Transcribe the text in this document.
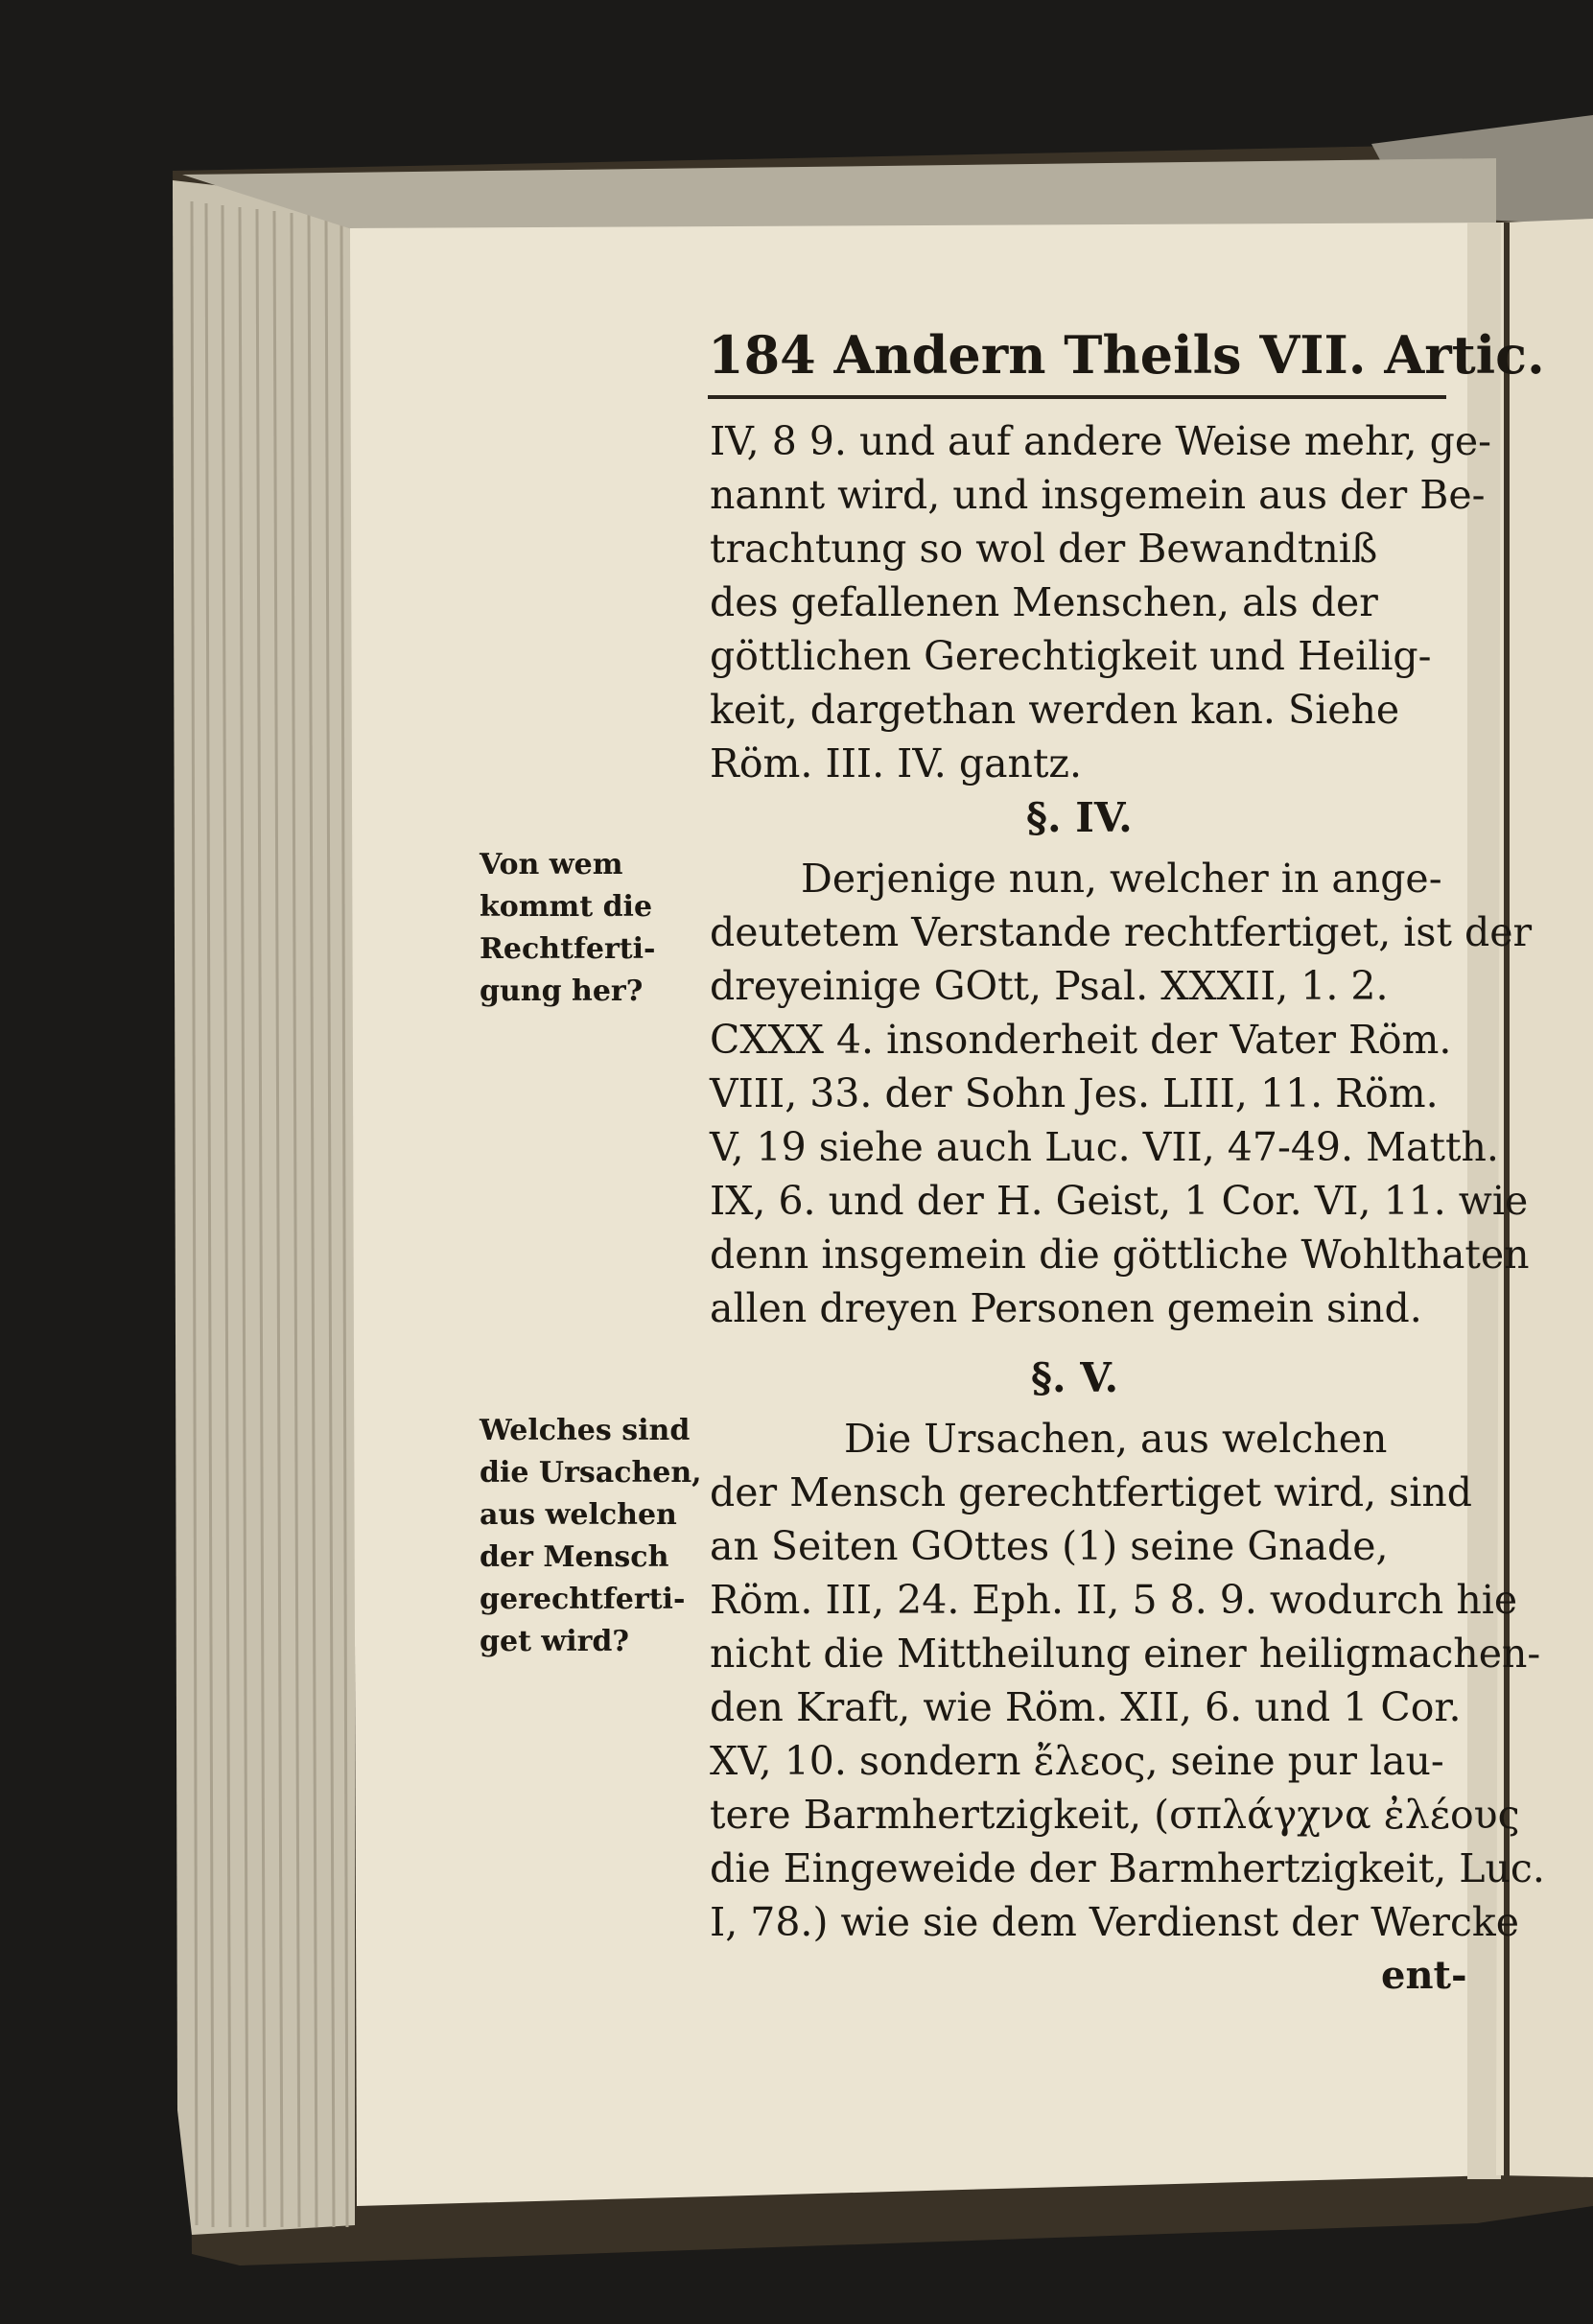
184 Andern Theils VII. Artic.
IV, 8 9. und auf andere Weise mehr, ge-
nannt wird, und insgemein aus der Be-
trachtung so wol der Bewandtniß
des gefallenen Menschen, als der
göttlichen Gerechtigkeit und Heilig-
keit, dargethan werden kan. Siehe
Röm. III. IV. gantz.
§. IV.
Von wem
kommt die
Rechtferti-
gung her?
Derjenige nun, welcher in ange-
deutetem Verstande rechtfertiget, ist der
dreyeinige GOtt, Psal. XXXII, 1. 2.
CXXX 4. insonderheit der Vater Röm.
VIII, 33. der Sohn Jes. LIII, 11. Röm.
V, 19 siehe auch Luc. VII, 47-49. Matth.
IX, 6. und der H. Geist, 1 Cor. VI, 11. wie
denn insgemein die göttliche Wohlthaten
allen dreyen Personen gemein sind.
§. V.
Welches sind
die Ursachen,
aus welchen
der Mensch
gerechtferti-
get wird?
Die Ursachen, aus welchen
der Mensch gerechtfertiget wird, sind
an Seiten GOttes (1) seine Gnade,
Röm. III, 24. Eph. II, 5 8. 9. wodurch hie
nicht die Mittheilung einer heiligmachen-
den Kraft, wie Röm. XII, 6. und 1 Cor.
XV, 10. sondern ἔλεος, seine pur lau-
tere Barmhertzigkeit, (σπλάγχνα ἐλέους
die Eingeweide der Barmhertzigkeit, Luc.
I, 78.) wie sie dem Verdienst der Wercke
ent-
